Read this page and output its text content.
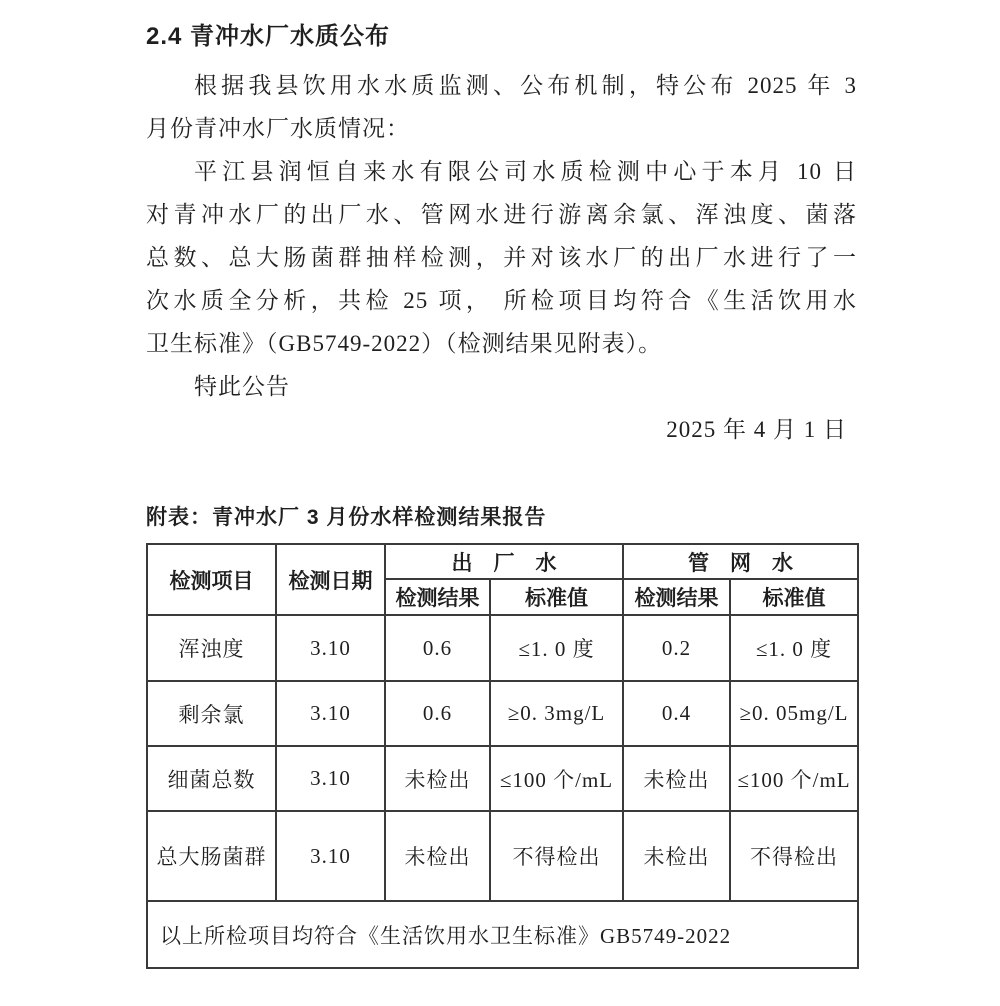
2.4 青冲水厂水质公布
根据我县饮用水水质监测、公布机制，特公布 2025 年 3
月份青冲水厂水质情况：
平江县润恒自来水有限公司水质检测中心于本月 10 日
对青冲水厂的出厂水、管网水进行游离余氯、浑浊度、菌落
总数、总大肠菌群抽样检测，并对该水厂的出厂水进行了一
次水质全分析，共检 25 项， 所检项目均符合《生活饮用水
卫生标准》（GB5749-2022）（检测结果见附表）。
特此公告
2025 年 4 月 1 日
附表：青冲水厂 3 月份水样检测结果报告
检测项目	检测日期	出　厂　水		管　网　水	
		检测结果	标准值	检测结果	标准值
浑浊度	3.10	0.6	≤1. 0 度	0.2	≤1. 0 度
剩余氯	3.10	0.6	≥0. 3mg/L	0.4	≥0. 05mg/L
细菌总数	3.10	未检出	≤100 个/mL	未检出	≤100 个/mL
总大肠菌群	3.10	未检出	不得检出	未检出	不得检出
以上所检项目均符合《生活饮用水卫生标准》GB5749-2022					
